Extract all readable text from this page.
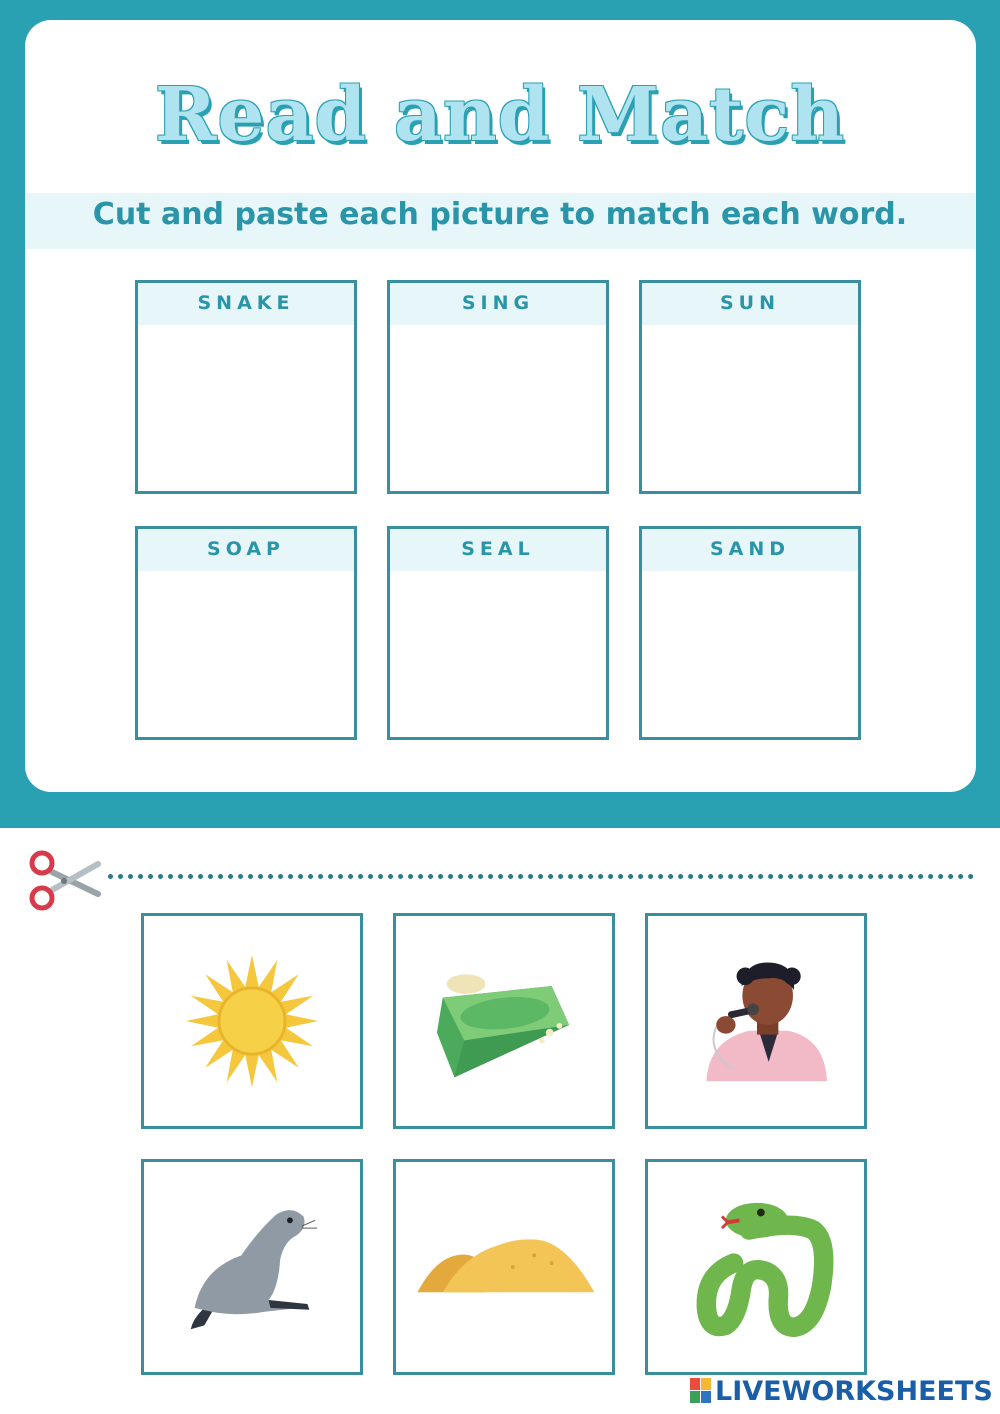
Read and Match
Cut and paste each picture to match each word.
SNAKE	SING	SUN
SOAP	SEAL	SAND
LIVEWORKSHEETS
